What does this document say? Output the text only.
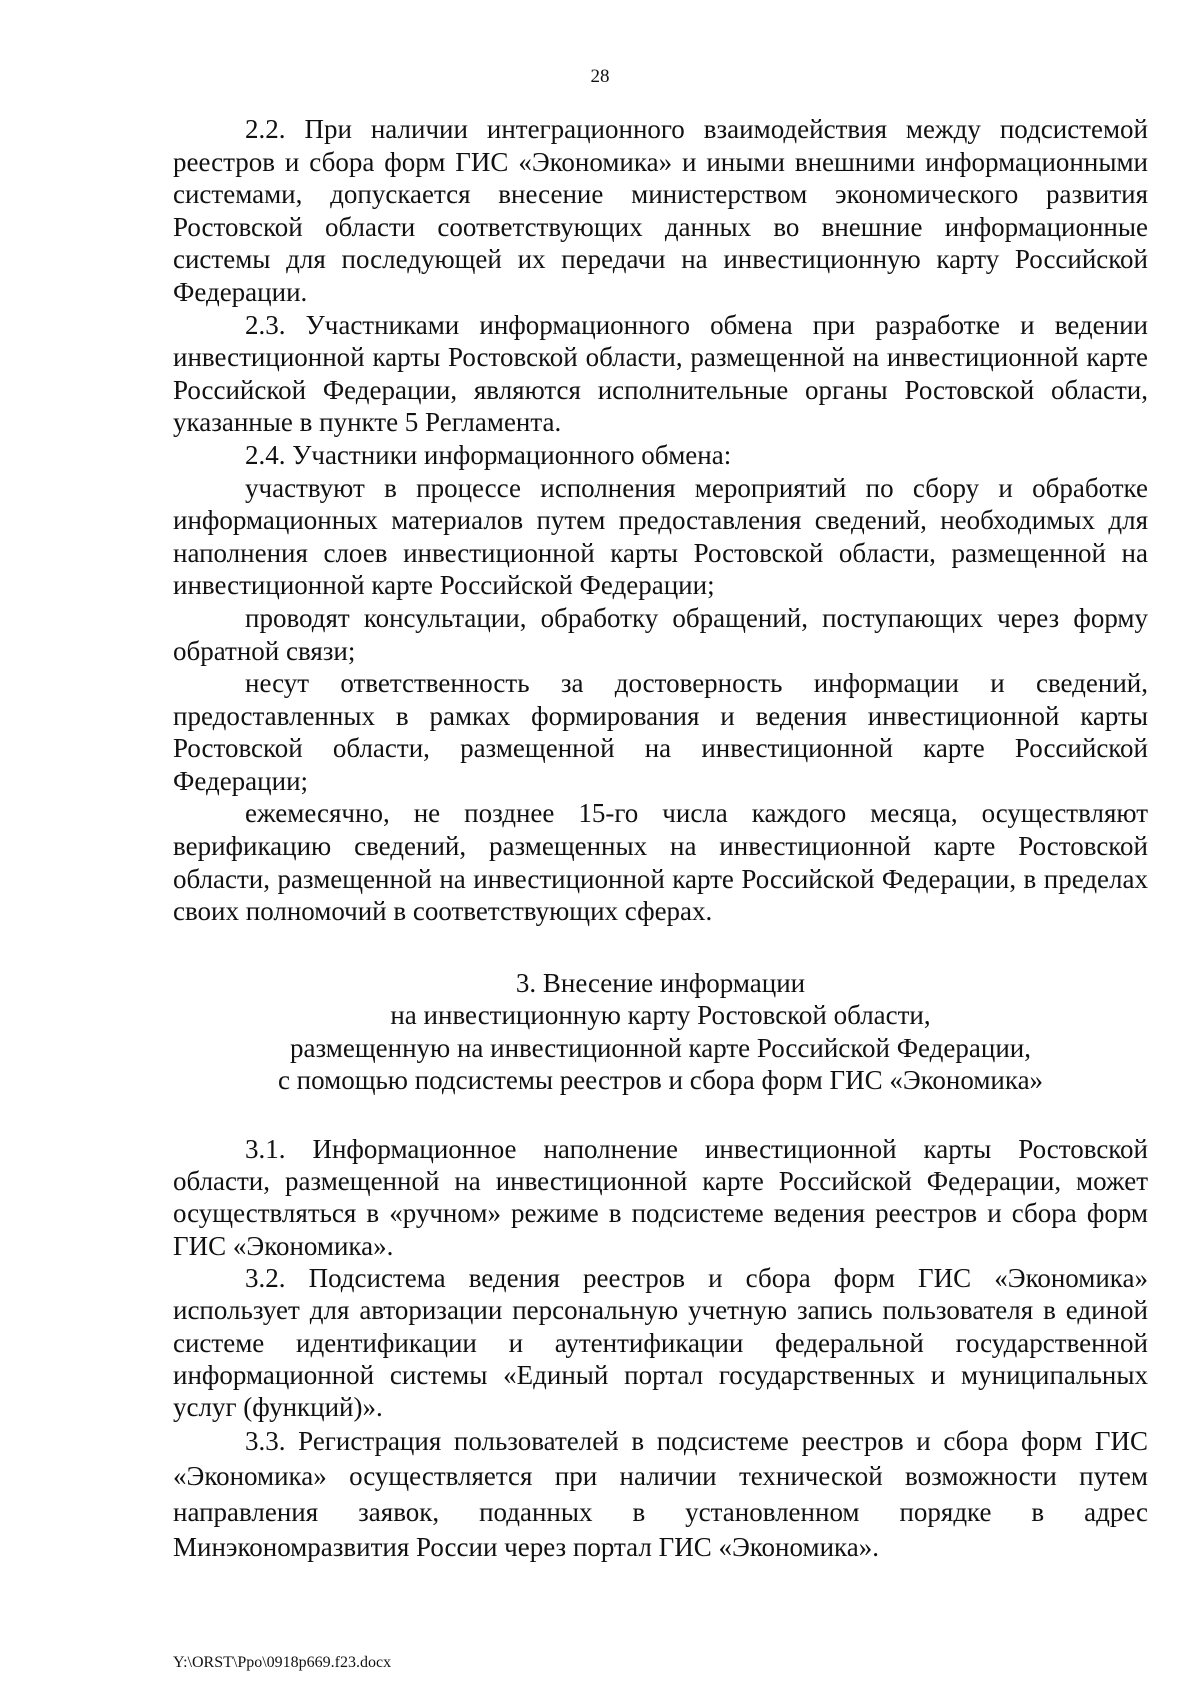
28

2.2. При наличии интеграционного взаимодействия между подсистемой реестров и сбора форм ГИС «Экономика» и иными внешними информационными системами, допускается внесение министерством экономического развития Ростовской области соответствующих данных во внешние информационные системы для последующей их передачи на инвестиционную карту Российской Федерации.

2.3. Участниками информационного обмена при разработке и ведении инвестиционной карты Ростовской области, размещенной на инвестиционной карте Российской Федерации, являются исполнительные органы Ростовской области, указанные в пункте 5 Регламента.

2.4. Участники информационного обмена:

участвуют в процессе исполнения мероприятий по сбору и обработке информационных материалов путем предоставления сведений, необходимых для наполнения слоев инвестиционной карты Ростовской области, размещенной на инвестиционной карте Российской Федерации;

проводят консультации, обработку обращений, поступающих через форму обратной связи;

несут ответственность за достоверность информации и сведений, предоставленных в рамках формирования и ведения инвестиционной карты Ростовской области, размещенной на инвестиционной карте Российской Федерации;

ежемесячно, не позднее 15-го числа каждого месяца, осуществляют верификацию сведений, размещенных на инвестиционной карте Ростовской области, размещенной на инвестиционной карте Российской Федерации, в пределах своих полномочий в соответствующих сферах.

3. Внесение информации
на инвестиционную карту Ростовской области,
размещенную на инвестиционной карте Российской Федерации,
с помощью подсистемы реестров и сбора форм ГИС «Экономика»

3.1. Информационное наполнение инвестиционной карты Ростовской области, размещенной на инвестиционной карте Российской Федерации, может осуществляться в «ручном» режиме в подсистеме ведения реестров и сбора форм ГИС «Экономика».

3.2. Подсистема ведения реестров и сбора форм ГИС «Экономика» использует для авторизации персональную учетную запись пользователя в единой системе идентификации и аутентификации федеральной государственной информационной системы «Единый портал государственных и муниципальных услуг (функций)».

3.3. Регистрация пользователей в подсистеме реестров и сбора форм ГИС «Экономика» осуществляется при наличии технической возможности путем направления заявок, поданных в установленном порядке в адрес Минэкономразвития России через портал ГИС «Экономика».

Y:\ORST\Ppo\0918p669.f23.docx
